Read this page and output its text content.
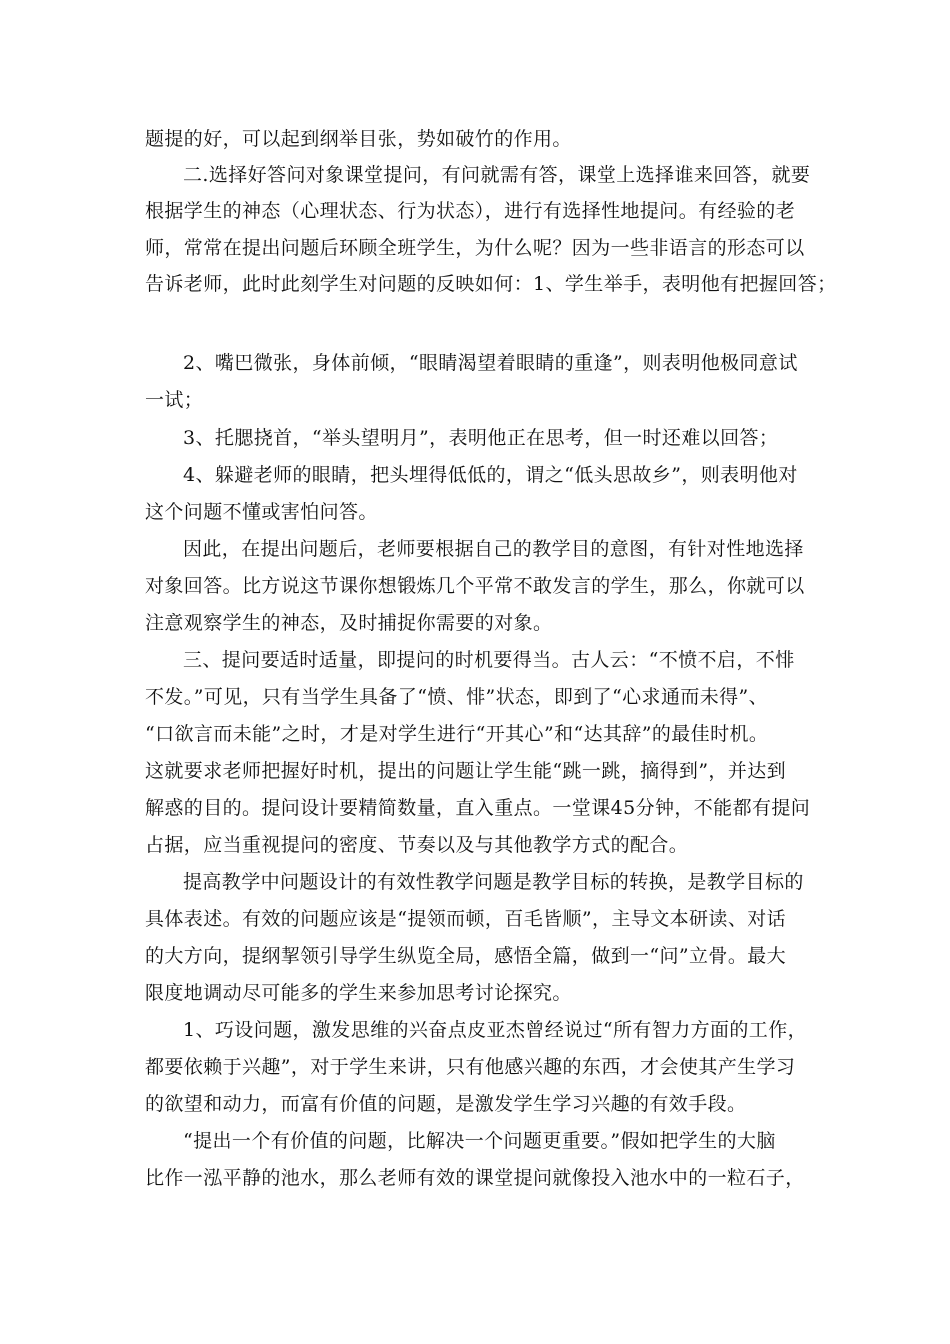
题提的好，可以起到纲举目张，势如破竹的作用。
二.选择好答问对象课堂提问，有问就需有答，课堂上选择谁来回答，就要
根据学生的神态（心理状态、行为状态），进行有选择性地提问。有经验的老
师，常常在提出问题后环顾全班学生，为什么呢？因为一些非语言的形态可以
告诉老师，此时此刻学生对问题的反映如何：1、学生举手，表明他有把握回答；
2、嘴巴微张，身体前倾，“眼睛渴望着眼睛的重逢”，则表明他极同意试
一试；
3、托腮挠首，“举头望明月”，表明他正在思考，但一时还难以回答；
4、躲避老师的眼睛，把头埋得低低的，谓之“低头思故乡”，则表明他对
这个问题不懂或害怕问答。
因此，在提出问题后，老师要根据自己的教学目的意图，有针对性地选择
对象回答。比方说这节课你想锻炼几个平常不敢发言的学生，那么，你就可以
注意观察学生的神态，及时捕捉你需要的对象。
三、提问要适时适量，即提问的时机要得当。古人云：“不愤不启，不悱
不发。”可见，只有当学生具备了“愤、悱”状态，即到了“心求通而未得”、
“口欲言而未能”之时，才是对学生进行“开其心”和“达其辞”的最佳时机。
这就要求老师把握好时机，提出的问题让学生能“跳一跳，摘得到”，并达到
解惑的目的。提问设计要精简数量，直入重点。一堂课45分钟，不能都有提问
占据，应当重视提问的密度、节奏以及与其他教学方式的配合。
提高教学中问题设计的有效性教学问题是教学目标的转换，是教学目标的
具体表述。有效的问题应该是“提领而顿，百毛皆顺”，主导文本研读、对话
的大方向，提纲挈领引导学生纵览全局，感悟全篇，做到一“问”立骨。最大
限度地调动尽可能多的学生来参加思考讨论探究。
1、巧设问题，激发思维的兴奋点皮亚杰曾经说过“所有智力方面的工作，
都要依赖于兴趣”，对于学生来讲，只有他感兴趣的东西，才会使其产生学习
的欲望和动力，而富有价值的问题，是激发学生学习兴趣的有效手段。
“提出一个有价值的问题，比解决一个问题更重要。”假如把学生的大脑
比作一泓平静的池水，那么老师有效的课堂提问就像投入池水中的一粒石子，
